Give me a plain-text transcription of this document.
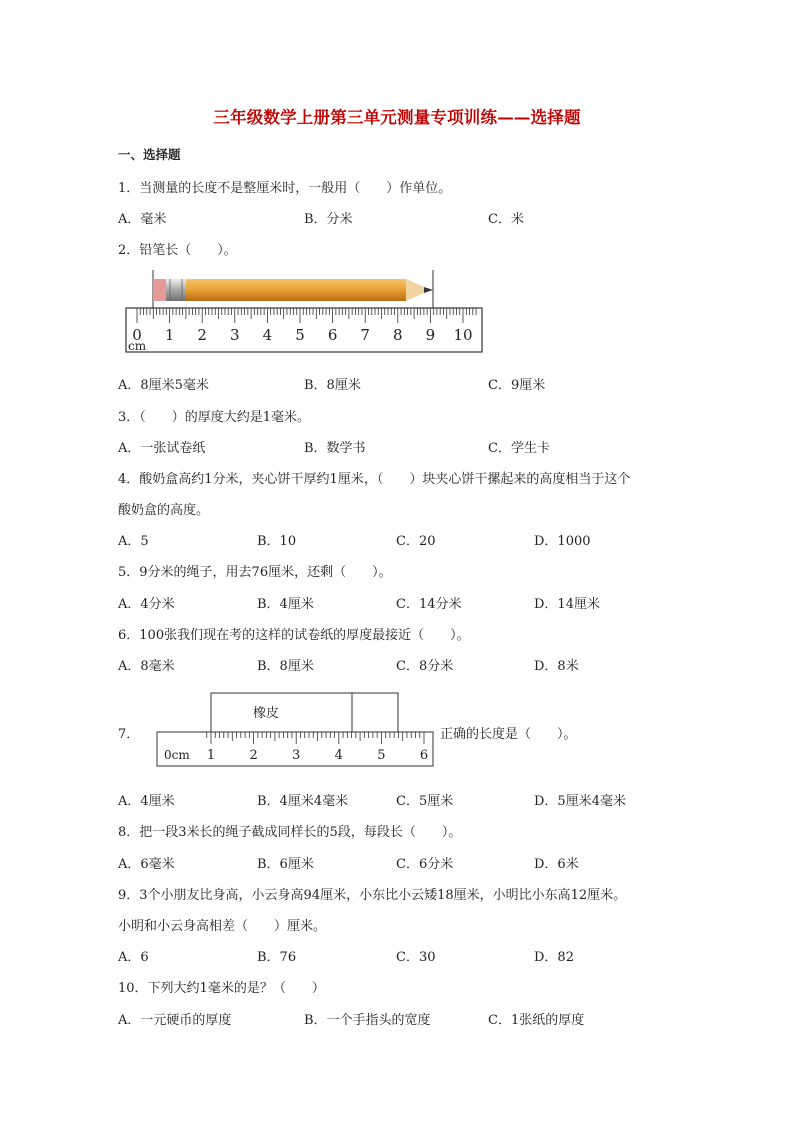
三年级数学上册第三单元测量专项训练——选择题
一、选择题
1．当测量的长度不是整厘米时，一般用（　　）作单位。
A．毫米	B．分米	C．米
2．铅笔长（　　）。
0 1 2 3 4 5 6 7 8 9 10
cm
A．8厘米5毫米	B．8厘米	C．9厘米
3．（　　）的厚度大约是1毫米。
A．一张试卷纸	B．数学书	C．学生卡
4．酸奶盒高约1分米，夹心饼干厚约1厘米，（　　）块夹心饼干摞起来的高度相当于这个
酸奶盒的高度。
A．5	B．10	C．20	D．1000
5．9分米的绳子，用去76厘米，还剩（　　）。
A．4分米	B．4厘米	C．14分米	D．14厘米
6．100张我们现在考的这样的试卷纸的厚度最接近（　　）。
A．8毫米	B．8厘米	C．8分米	D．8米
7．
橡皮
1	2	3	4	5	6
0cm
正确的长度是（　　）。
A．4厘米	B．4厘米4毫米	C．5厘米	D．5厘米4毫米
8．把一段3米长的绳子截成同样长的5段，每段长（　　）。
A．6毫米	B．6厘米	C．6分米	D．6米
9．3个小朋友比身高，小云身高94厘米，小东比小云矮18厘米，小明比小东高12厘米。
小明和小云身高相差（　　）厘米。
A．6	B．76	C．30	D．82
10．下列大约1毫米的是？（　　）
A．一元硬币的厚度	B．一个手指头的宽度	C．1张纸的厚度
